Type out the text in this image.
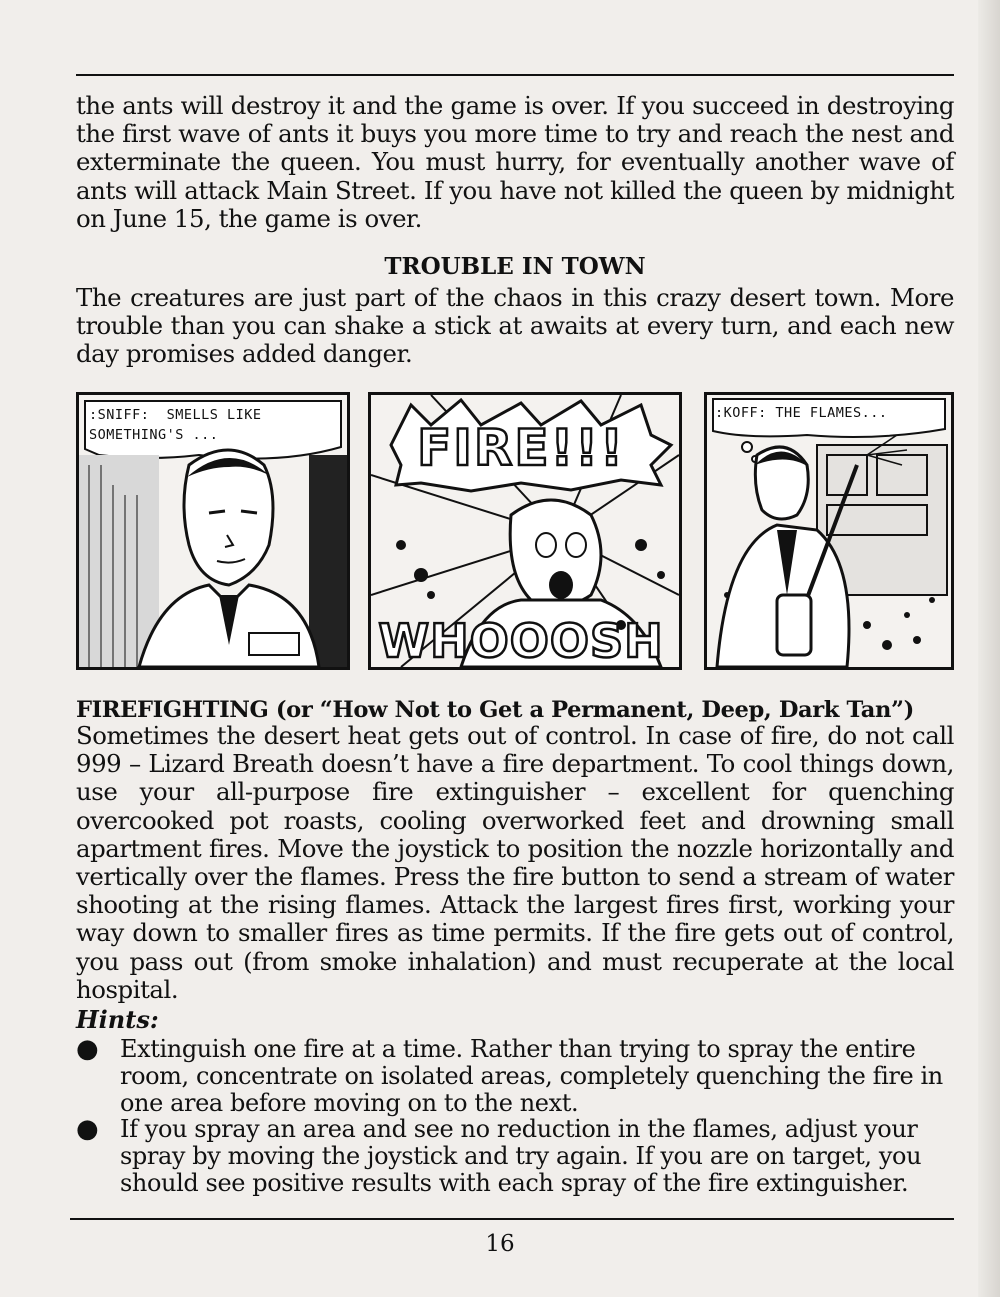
the ants will destroy it and the game is over. If you succeed in destroying the first wave of ants it buys you more time to try and reach the nest and exterminate the queen. You must hurry, for eventually another wave of ants will attack Main Street. If you have not killed the queen by midnight on June 15, the game is over.
TROUBLE IN TOWN
The creatures are just part of the chaos in this crazy desert town. More trouble than you can shake a stick at awaits at every turn, and each new day promises added danger.
:SNIFF:  SMELLS LIKE
SOMETHING'S ...	FIRE!!!
WHOOOSH
:KOFF: THE FLAMES...
FIREFIGHTING (or “How Not to Get a Permanent, Deep, Dark Tan”)
Sometimes the desert heat gets out of control. In case of fire, do not call 999 – Lizard Breath doesn’t have a fire department. To cool things down, use your all-purpose fire extinguisher – excellent for quenching overcooked pot roasts, cooling overworked feet and drowning small apartment fires. Move the joystick to position the nozzle horizontally and vertically over the flames. Press the fire button to send a stream of water shooting at the rising flames. Attack the largest fires first, working your way down to smaller fires as time permits. If the fire gets out of control, you pass out (from smoke inhalation) and must recuperate at the local hospital.
Hints:
● Extinguish one fire at a time. Rather than trying to spray the entire room, concentrate on isolated areas, completely quenching the fire in one area before moving on to the next.
● If you spray an area and see no reduction in the flames, adjust your spray by moving the joystick and try again. If you are on target, you should see positive results with each spray of the fire extinguisher.
16
